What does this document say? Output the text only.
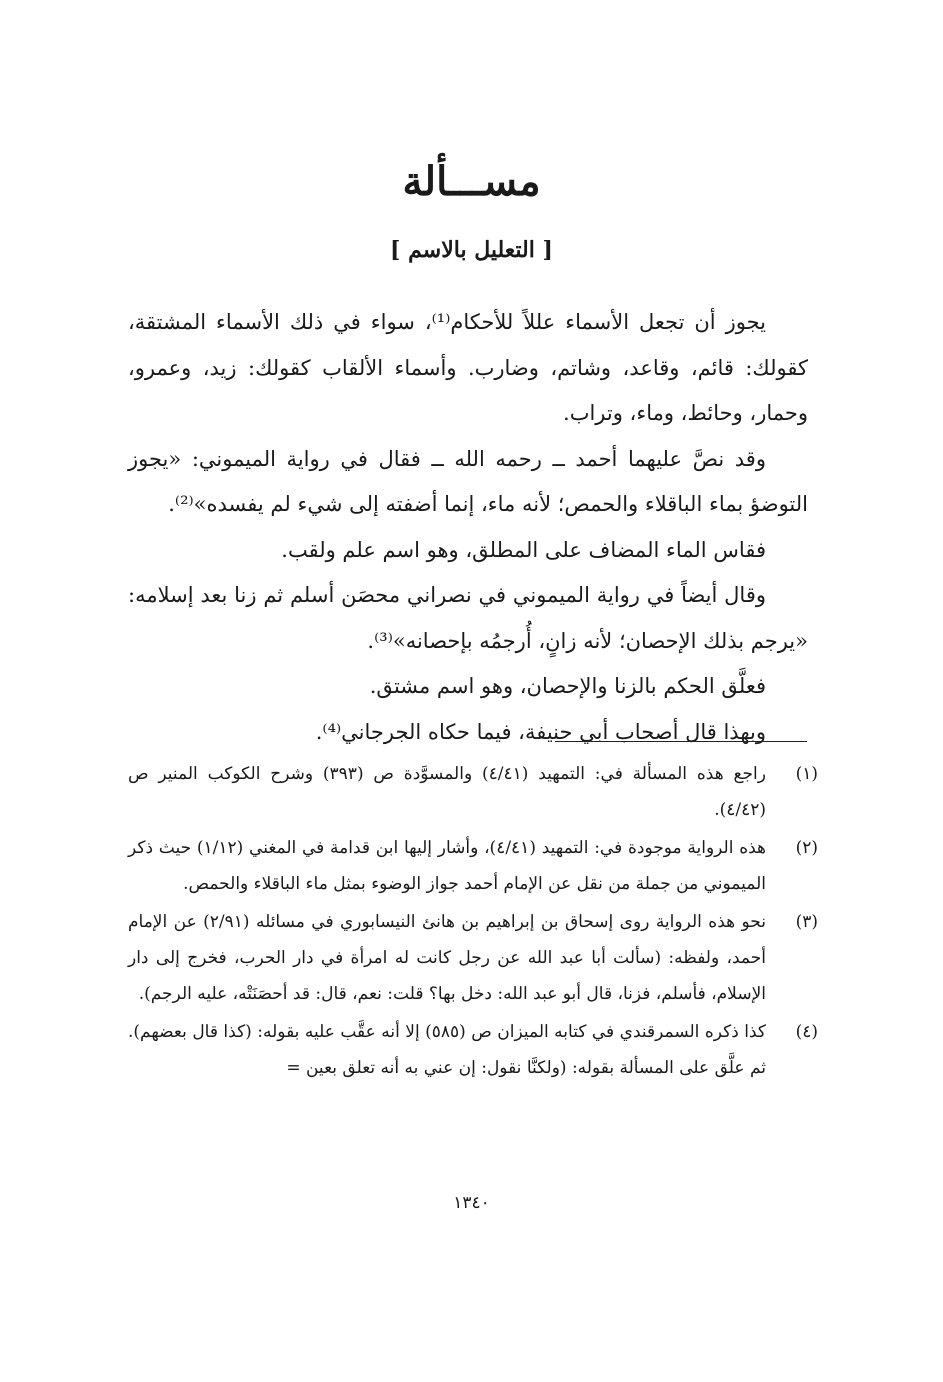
مســـألة
[ التعليل بالاسم ]

يجوز أن تجعل الأسماء عللاً للأحكام⁽¹⁾، سواء في ذلك الأسماء المشتقة، كقولك: قائم، وقاعد، وشاتم، وضارب. وأسماء الألقاب كقولك: زيد، وعمرو، وحمار، وحائط، وماء، وتراب.

وقد نصَّ عليهما أحمد ــ رحمه الله ــ فقال في رواية الميموني: «يجوز التوضؤ بماء الباقلاء والحمص؛ لأنه ماء، إنما أضفته إلى شيء لم يفسده»⁽²⁾.

فقاس الماء المضاف على المطلق، وهو اسم علم ولقب.

وقال أيضاً في رواية الميموني في نصراني محصَن أسلم ثم زنا بعد إسلامه: «يرجم بذلك الإحصان؛ لأنه زانٍ، أُرجمُه بإحصانه»⁽³⁾.

فعلَّق الحكم بالزنا والإحصان، وهو اسم مشتق.

وبهذا قال أصحاب أبي حنيفة، فيما حكاه الجرجاني⁽⁴⁾.

(١)
راجع هذه المسألة في: التمهيد (٤/٤١) والمسوَّدة ص (٣٩٣) وشرح الكوكب المنير ص (٤/٤٢).
(٢)
هذه الرواية موجودة في: التمهيد (٤/٤١)، وأشار إليها ابن قدامة في المغني (١/١٢) حيث ذكر الميموني من جملة من نقل عن الإمام أحمد جواز الوضوء بمثل ماء الباقلاء والحمص.
(٣)
نحو هذه الرواية روى إسحاق بن إبراهيم بن هانئ النيسابوري في مسائله (٢/٩١) عن الإمام أحمد، ولفظه: (سألت أبا عبد الله عن رجل كانت له امرأة في دار الحرب، فخرج إلى دار الإسلام، فأسلم، فزنا، قال أبو عبد الله: دخل بها؟ قلت: نعم، قال: قد أحصَنَتْه، عليه الرجم).
(٤)
كذا ذكره السمرقندي في كتابه الميزان ص (٥٨٥) إلا أنه عقَّب عليه بقوله: (كذا قال بعضهم). ثم علَّق على المسألة بقوله: (ولكنَّا نقول: إن عني به أنه تعلق بعين =
١٣٤٠
